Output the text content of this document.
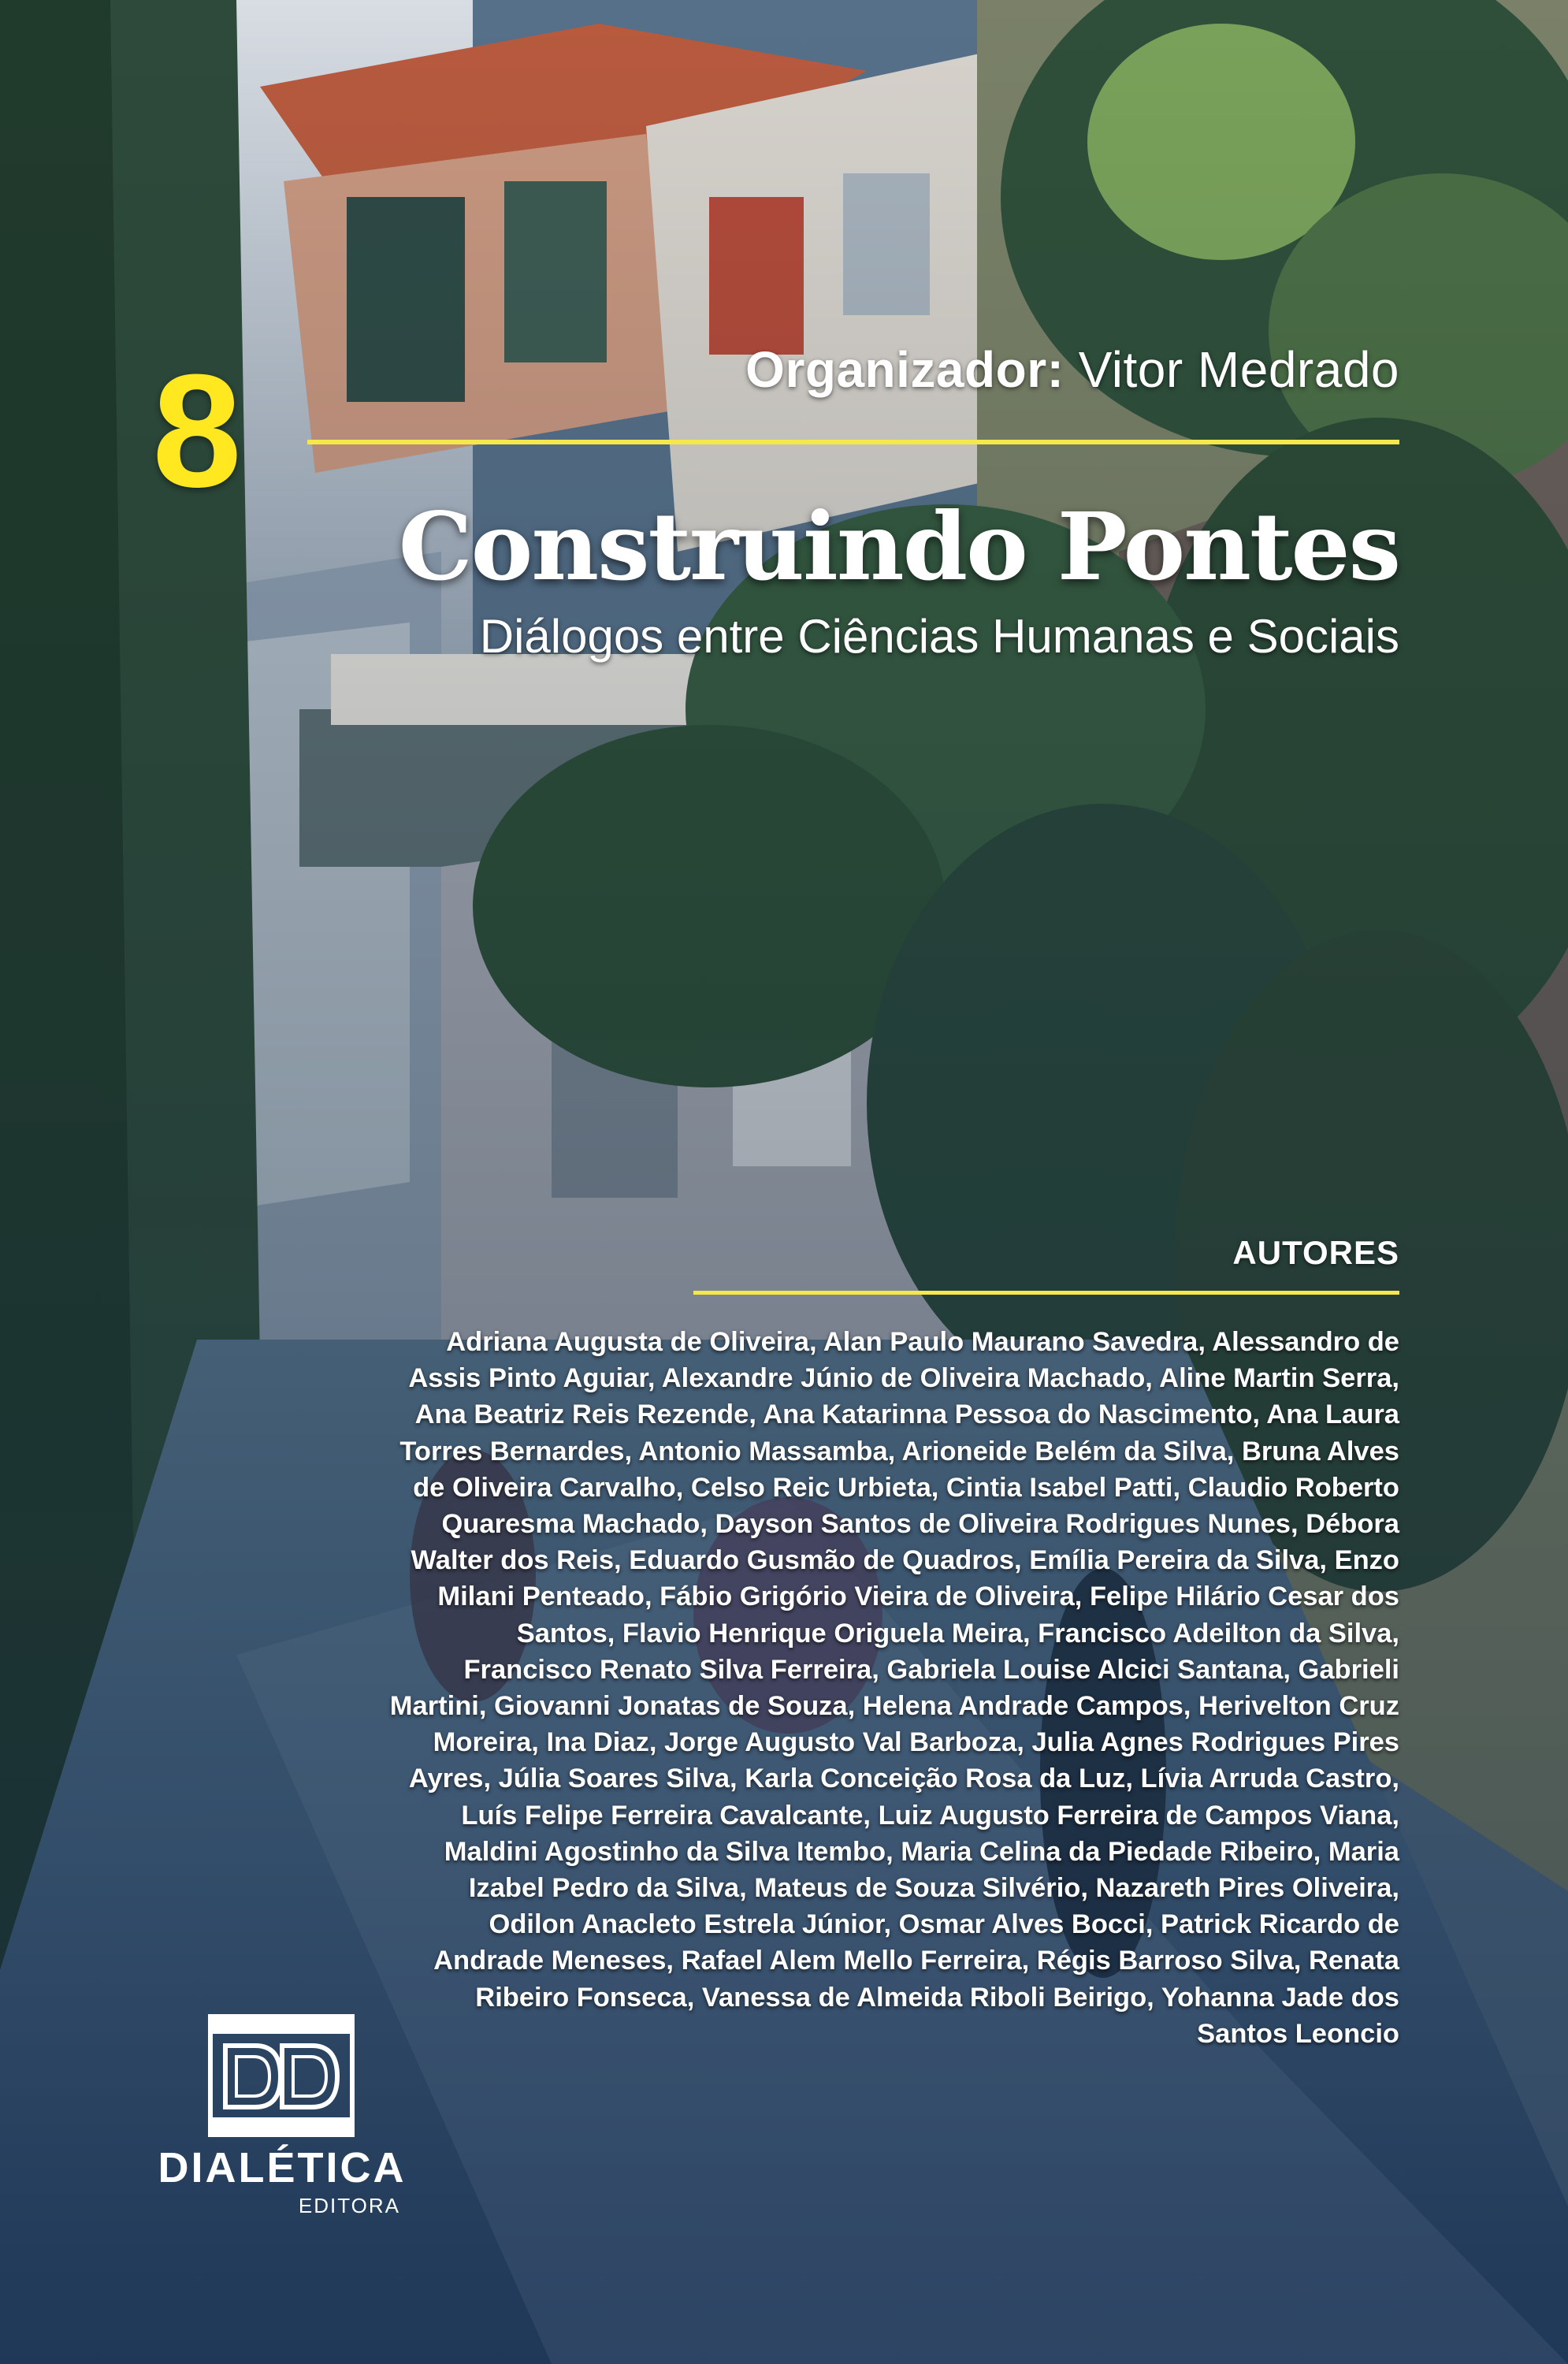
Organizador: Vitor Medrado
8
Construindo Pontes
Diálogos entre Ciências Humanas e Sociais
AUTORES
Adriana Augusta de Oliveira, Alan Paulo Maurano Savedra, Alessandro de Assis Pinto Aguiar, Alexandre Júnio de Oliveira Machado, Aline Martin Serra, Ana Beatriz Reis Rezende, Ana Katarinna Pessoa do Nascimento, Ana Laura Torres Bernardes, Antonio Massamba, Arioneide Belém da Silva, Bruna Alves de Oliveira Carvalho, Celso Reic Urbieta, Cintia Isabel Patti, Claudio Roberto Quaresma Machado, Dayson Santos de Oliveira Rodrigues Nunes, Débora Walter dos Reis, Eduardo Gusmão de Quadros, Emília Pereira da Silva, Enzo Milani Penteado, Fábio Grigório Vieira de Oliveira, Felipe Hilário Cesar dos Santos, Flavio Henrique Origuela Meira, Francisco Adeilton da Silva, Francisco Renato Silva Ferreira, Gabriela Louise Alcici Santana, Gabrieli Martini, Giovanni Jonatas de Souza, Helena Andrade Campos, Herivelton Cruz Moreira, Ina Diaz, Jorge Augusto Val Barboza, Julia Agnes Rodrigues Pires Ayres, Júlia Soares Silva, Karla Conceição Rosa da Luz, Lívia Arruda Castro, Luís Felipe Ferreira Cavalcante, Luiz Augusto Ferreira de Campos Viana, Maldini Agostinho da Silva Itembo, Maria Celina da Piedade Ribeiro, Maria Izabel Pedro da Silva, Mateus de Souza Silvério, Nazareth Pires Oliveira, Odilon Anacleto Estrela Júnior, Osmar Alves Bocci, Patrick Ricardo de Andrade Meneses, Rafael Alem Mello Ferreira, Régis Barroso Silva, Renata Ribeiro Fonseca, Vanessa de Almeida Riboli Beirigo, Yohanna Jade dos Santos Leoncio
DIALÉTICA
EDITORA
